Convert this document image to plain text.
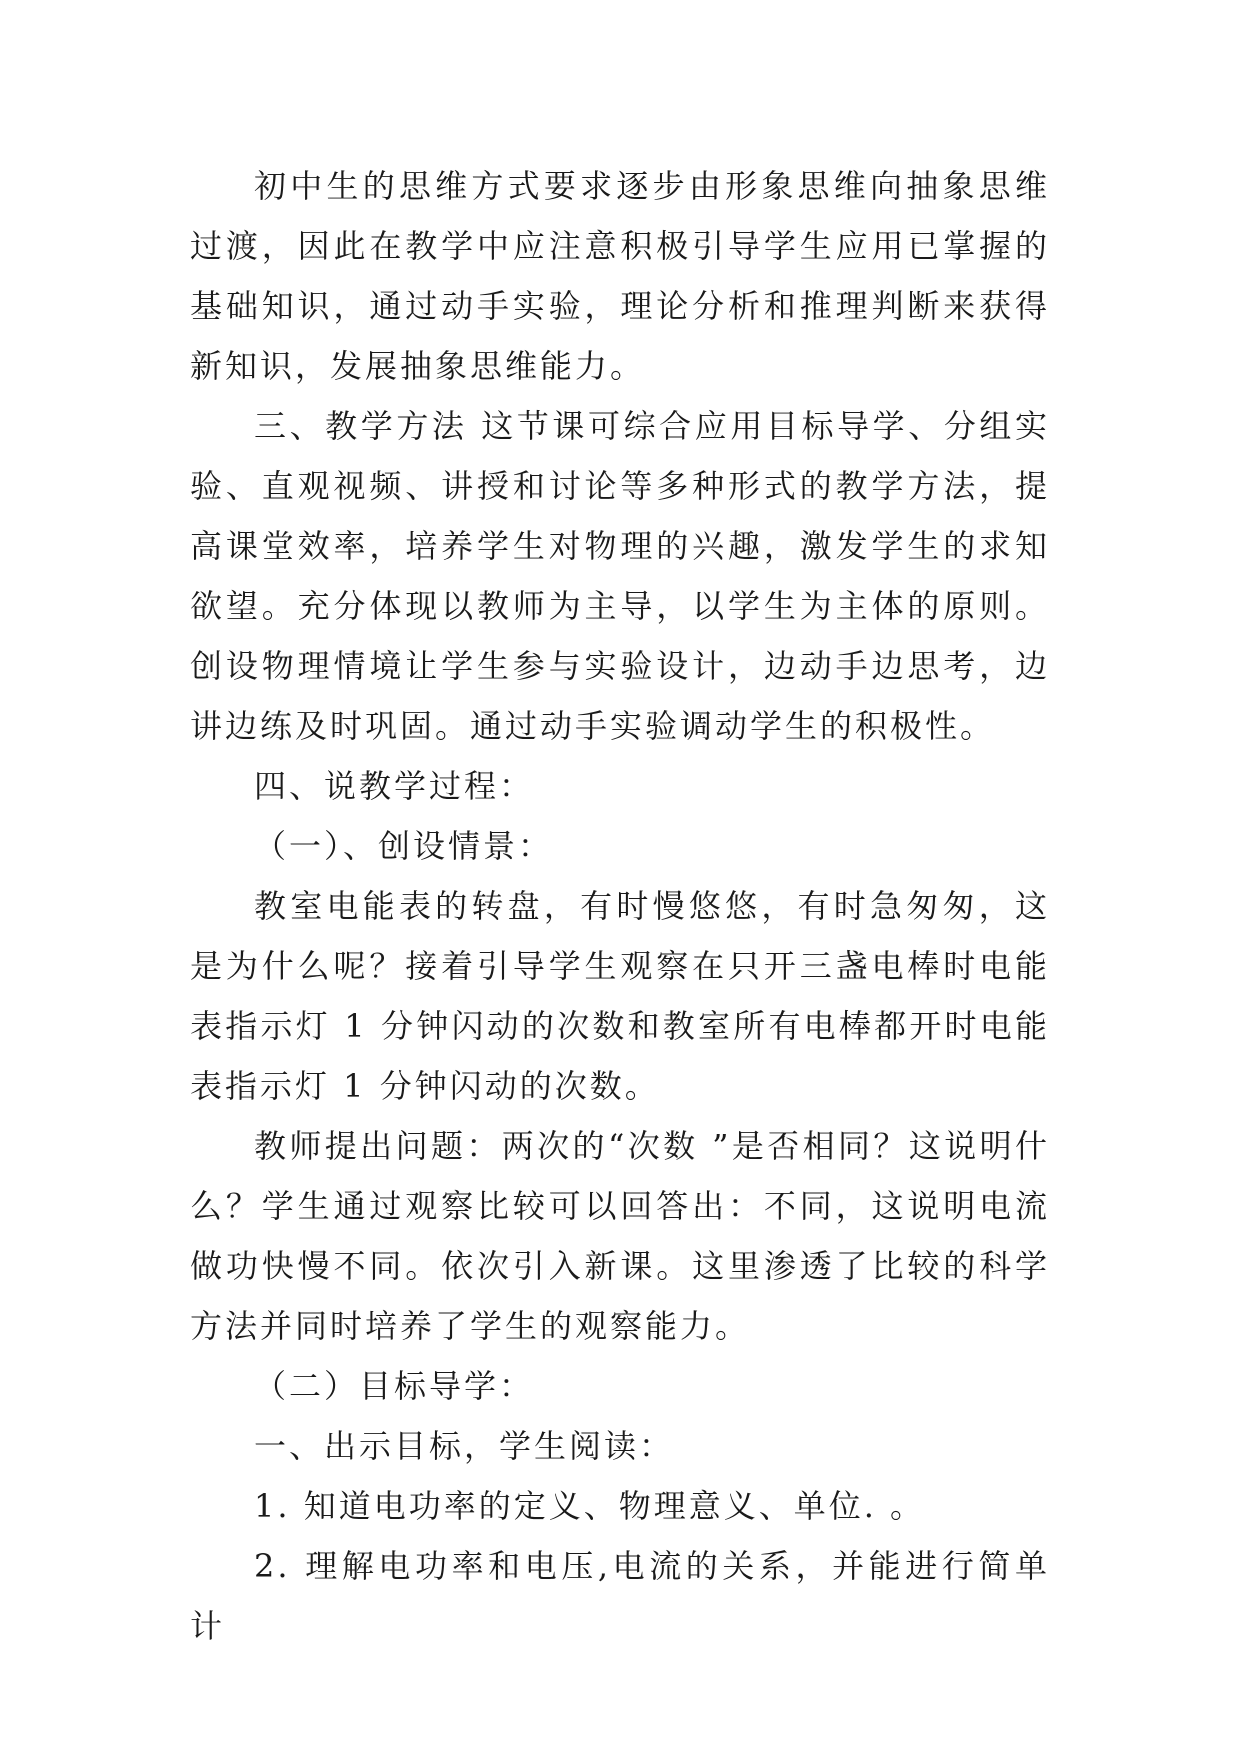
初中生的思维方式要求逐步由形象思维向抽象思维过渡，因此在教学中应注意积极引导学生应用已掌握的基础知识，通过动手实验，理论分析和推理判断来获得新知识，发展抽象思维能力。

三、教学方法 这节课可综合应用目标导学、分组实验、直观视频、讲授和讨论等多种形式的教学方法，提高课堂效率，培养学生对物理的兴趣，激发学生的求知欲望。充分体现以教师为主导，以学生为主体的原则。创设物理情境让学生参与实验设计，边动手边思考，边讲边练及时巩固。通过动手实验调动学生的积极性。

四、说教学过程：

（一）、创设情景：

教室电能表的转盘，有时慢悠悠，有时急匆匆，这是为什么呢？接着引导学生观察在只开三盏电棒时电能表指示灯 1 分钟闪动的次数和教室所有电棒都开时电能表指示灯 1 分钟闪动的次数。

教师提出问题：两次的“次数 ”是否相同？这说明什么？学生通过观察比较可以回答出：不同，这说明电流做功快慢不同。依次引入新课。这里渗透了比较的科学方法并同时培养了学生的观察能力。

（二）目标导学：

一、出示目标，学生阅读：

1. 知道电功率的定义、物理意义、单位. 。

2. 理解电功率和电压,电流的关系，并能进行简单计
